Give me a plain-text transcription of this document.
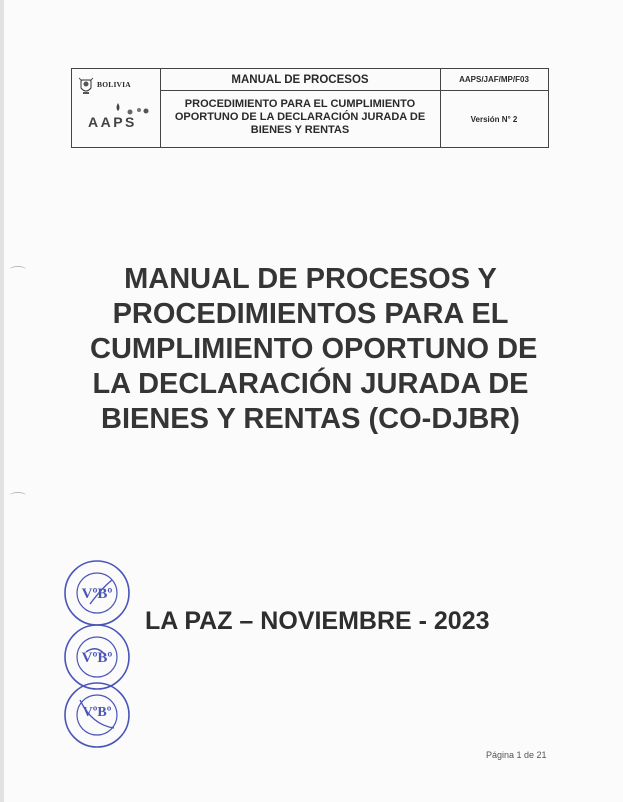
BOLIVIA
AAPS
MANUAL DE PROCESOS
PROCEDIMIENTO PARA EL CUMPLIMIENTO
OPORTUNO DE LA DECLARACIÓN JURADA DE
BIENES Y RENTAS
AAPS/JAF/MP/F03
Versión N° 2
MANUAL DE PROCESOS Y
PROCEDIMIENTOS PARA EL
CUMPLIMIENTO OPORTUNO DE
LA DECLARACIÓN JURADA DE
BIENES Y RENTAS (CO-DJBR)
VºBº
VºBº
VºBº
LA PAZ – NOVIEMBRE - 2023
Página 1 de 21
